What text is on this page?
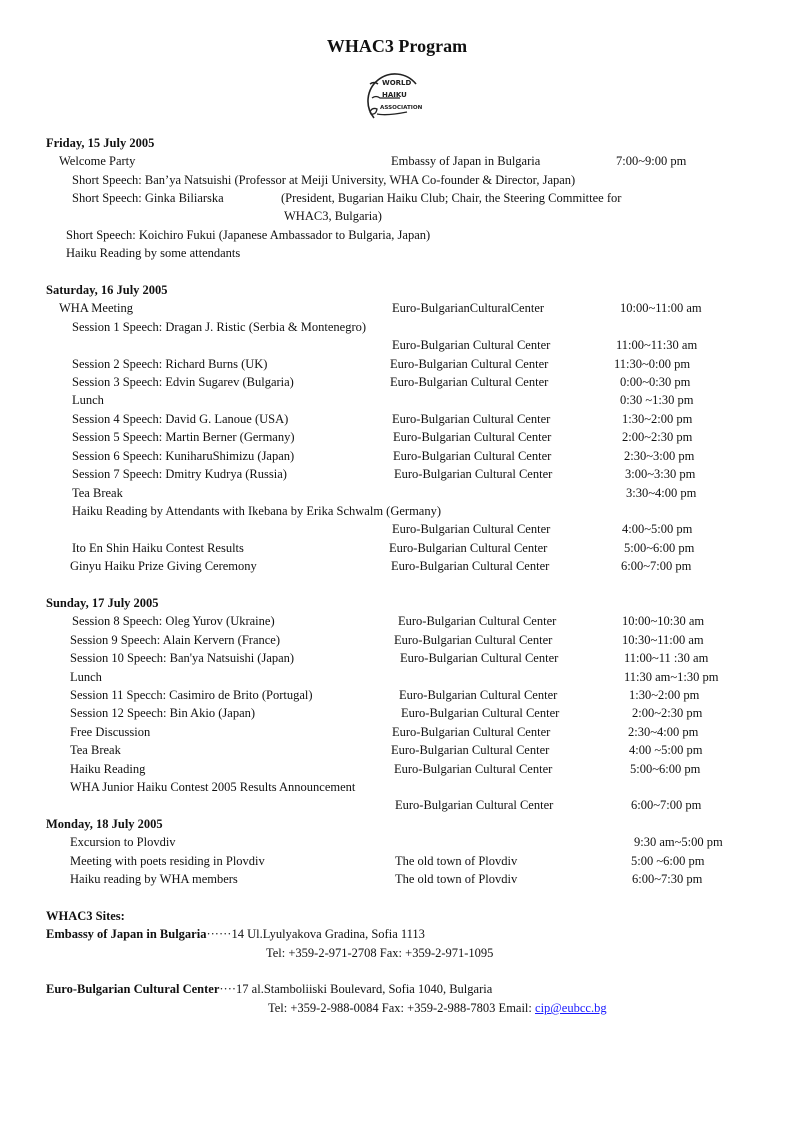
WHAC3 Program
WORLD
HAIKU
ASSOCIATION
Friday, 15 July 2005
Welcome Party	Embassy of Japan in Bulgaria	7:00~9:00 pm
Short Speech: Ban’ya Natsuishi (Professor at Meiji University, WHA Co-founder & Director, Japan)
Short Speech: Ginka Biliarska	(President, Bugarian Haiku Club; Chair, the Steering Committee for
WHAC3, Bulgaria)
Short Speech: Koichiro Fukui (Japanese Ambassador to Bulgaria, Japan)
Haiku Reading by some attendants
Saturday, 16 July 2005
WHA Meeting	Euro-BulgarianCulturalCenter	10:00~11:00 am
Session 1 Speech: Dragan J. Ristic (Serbia & Montenegro)
Euro-Bulgarian Cultural Center	11:00~11:30 am
Session 2 Speech: Richard Burns (UK)	Euro-Bulgarian Cultural Center	11:30~0:00 pm
Session 3 Speech: Edvin Sugarev (Bulgaria)	Euro-Bulgarian Cultural Center	0:00~0:30 pm
Lunch	0:30 ~1:30 pm
Session 4 Speech: David G. Lanoue (USA)	Euro-Bulgarian Cultural Center	1:30~2:00 pm
Session 5 Speech: Martin Berner (Germany)	Euro-Bulgarian Cultural Center	2:00~2:30 pm
Session 6 Speech: KuniharuShimizu (Japan)	Euro-Bulgarian Cultural Center	2:30~3:00 pm
Session 7 Speech: Dmitry Kudrya (Russia)	Euro-Bulgarian Cultural Center	3:00~3:30 pm
Tea Break	3:30~4:00 pm
Haiku Reading by Attendants with Ikebana by Erika Schwalm (Germany)
Euro-Bulgarian Cultural Center	4:00~5:00 pm
Ito En Shin Haiku Contest Results	Euro-Bulgarian Cultural Center	5:00~6:00 pm
Ginyu Haiku Prize Giving Ceremony	Euro-Bulgarian Cultural Center	6:00~7:00 pm
Sunday, 17 July 2005
Session 8 Speech: Oleg Yurov (Ukraine)	Euro-Bulgarian Cultural Center	10:00~10:30 am
Session 9 Speech: Alain Kervern (France)	Euro-Bulgarian Cultural Center	10:30~11:00 am
Session 10 Speech: Ban'ya Natsuishi (Japan)	Euro-Bulgarian Cultural Center	11:00~11 :30 am
Lunch	11:30 am~1:30 pm
Session 11 Specch: Casimiro de Brito (Portugal)	Euro-Bulgarian Cultural Center	1:30~2:00 pm
Session 12 Speech: Bin Akio (Japan)	Euro-Bulgarian Cultural Center	2:00~2:30 pm
Free Discussion	Euro-Bulgarian Cultural Center	2:30~4:00 pm
Tea Break	Euro-Bulgarian Cultural Center	4:00 ~5:00 pm
Haiku Reading	Euro-Bulgarian Cultural Center	5:00~6:00 pm
WHA Junior Haiku Contest 2005 Results Announcement
Euro-Bulgarian Cultural Center	6:00~7:00 pm
Monday, 18 July 2005
Excursion to Plovdiv	9:30 am~5:00 pm
Meeting with poets residing in Plovdiv	The old town of Plovdiv	5:00 ~6:00 pm
Haiku reading by WHA members	The old town of Plovdiv	6:00~7:30 pm
WHAC3 Sites:
Embassy of Japan in Bulgaria······14 Ul.Lyulyakova Gradina, Sofia 1113
Tel: +359-2-971-2708 Fax: +359-2-971-1095
Euro-Bulgarian Cultural Center····17 al.Stamboliiski Boulevard, Sofia 1040, Bulgaria
Tel: +359-2-988-0084 Fax: +359-2-988-7803 Email: cip@eubcc.bg
